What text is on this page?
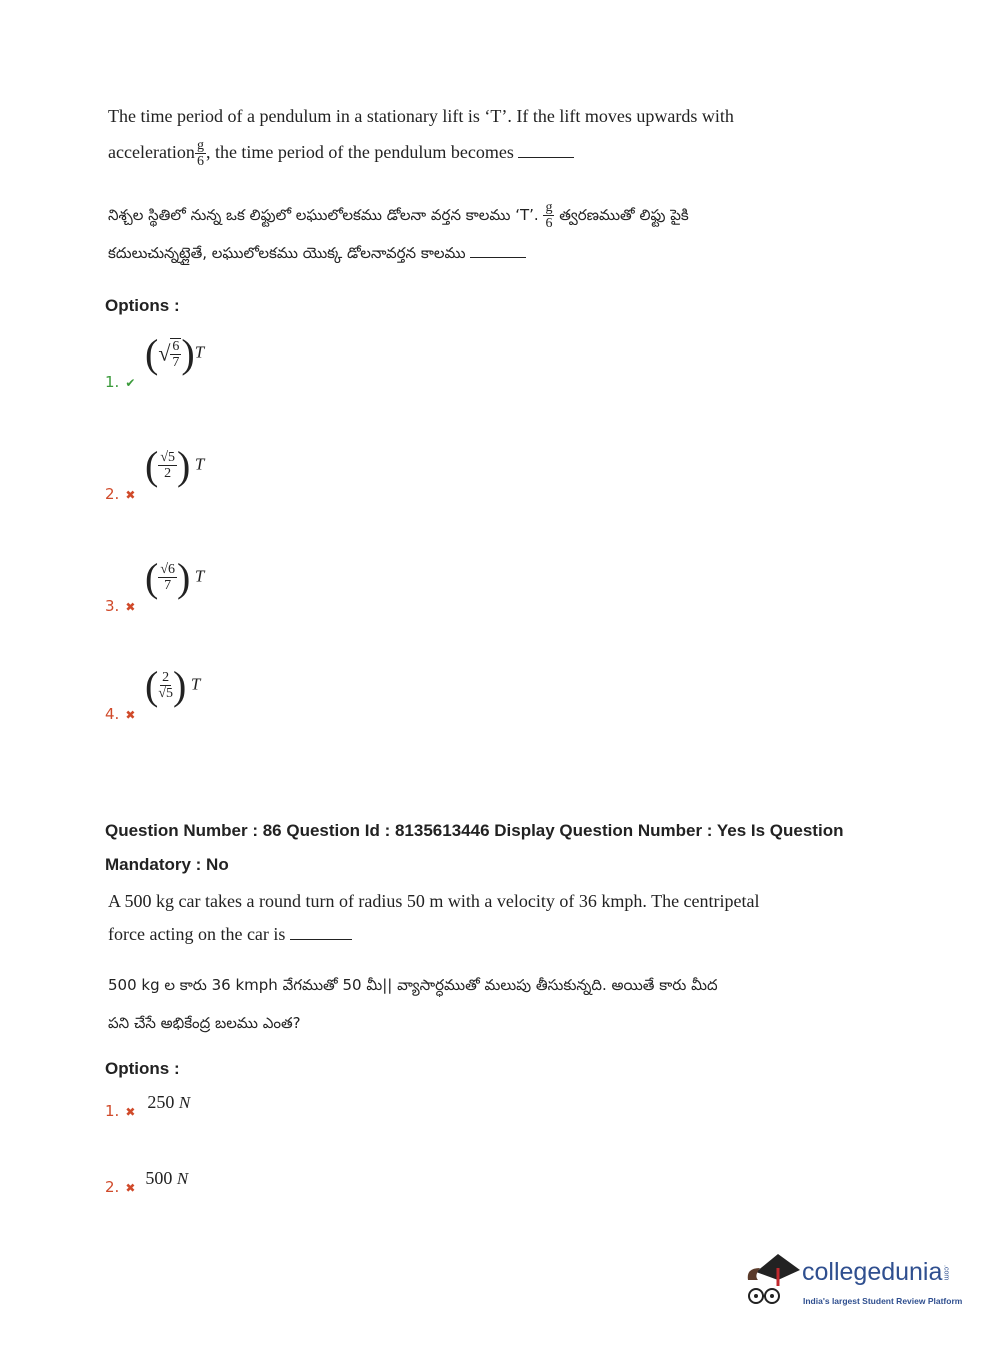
The time period of a pendulum in a stationary lift is ‘T’. If the lift moves upwards with
acceleration $\frac{g}{6}$ , the time period of the pendulum becomes
నిశ్చల స్థితిలో నున్న ఒక లిఫ్టులో లఘులోలకము డోలనా వర్తన కాలము ‘T’. $\frac{g}{6}$ త్వరణముతో లిఫ్టు పైకి
కదులుచున్నట్లైతే, లఘులోలకము యొక్క డోలనావర్తన కాలము
Options :
1. ✔
(√ $\frac{6}{7} )T$
2. ✖
( $\frac{√5}{2}$ ) T
3. ✖
( $\frac{√6}{7}$ ) T
4. ✖
( $\frac{2}{√5}$ ) T
Question Number : 86 Question Id : 8135613446 Display Question Number : Yes Is Question
Mandatory : No
A 500 kg car takes a round turn of radius 50 m with a velocity of 36 kmph. The centripetal
force acting on the car is
500 kg ల కారు 36 kmph వేగముతో 50 మీ|| వ్యాసార్ధముతో మలుపు తీసుకున్నది. అయితే కారు మీద
పని చేసే అభికేంద్ర బలము ఎంత?
Options :
1. ✖ 250 N
2. ✖ 500 N
collegedunia.com
India's largest Student Review Platform
